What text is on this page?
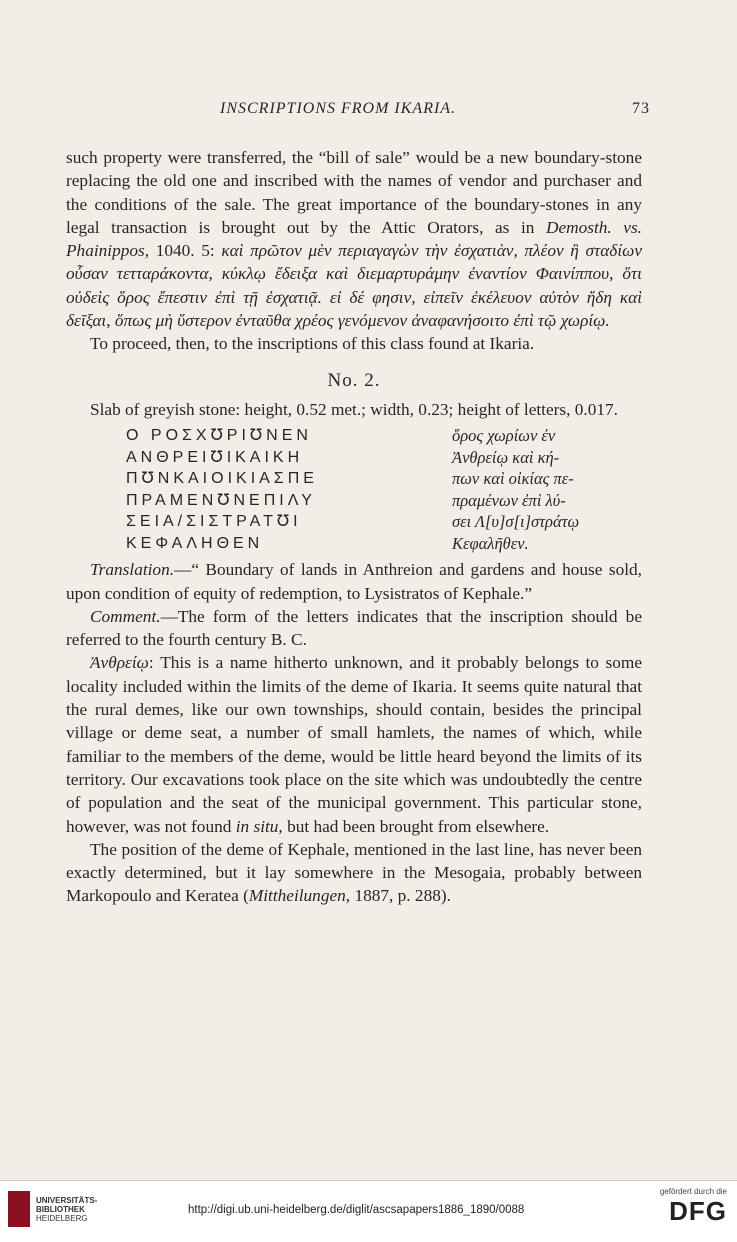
INSCRIPTIONS FROM IKARIA.	73

such property were transferred, the “bill of sale” would be a new boundary-stone replacing the old one and inscribed with the names of vendor and purchaser and the conditions of the sale. The great importance of the boundary-stones in any legal transaction is brought out by the Attic Orators, as in Demosth. vs. Phainippos, 1040. 5: καὶ πρῶτον μὲν περιαγαγὼν τὴν ἐσχατιὰν, πλέον ἢ σταδίων οὖσαν τετταράκοντα, κύκλῳ ἔδειξα καὶ διεμαρτυράμην ἐναντίον Φαινίππου, ὅτι οὐδεὶς ὅρος ἔπεστιν ἐπὶ τῇ ἐσχατιᾷ. εἰ δέ φησιν, εἰπεῖν ἐκέλευον αὐτὸν ἤδη καὶ δεῖξαι, ὅπως μὴ ὕστερον ἐνταῦθα χρέος γενόμενον ἀναφανήσοιτο ἐπὶ τῷ χωρίῳ.

To proceed, then, to the inscriptions of this class found at Ikaria.

No. 2.

Slab of greyish stone: height, 0.52 met.; width, 0.23; height of letters, 0.017.

Ο ΡΟΣΧ℧ΡΙ℧ΝΕΝ
ΑΝΘΡΕΙ℧ΙΚΑΙΚΗ
Π℧ΝΚΑΙΟΙΚΙΑΣΠΕ
ΠΡΑΜΕΝ℧ΝΕΠΙΛΥ
ΣΕΙΑ/ΣΙΣΤΡΑΤ℧Ι
ΚΕΦΑΛΗΘΕΝ
ὅρος χωρίων ἐν
Ἀνθρείῳ καὶ κή-
πων καὶ οἰκίας πε-
πραμένων ἐπὶ λύ-
σει Λ[υ]σ[ι]στράτῳ
Κεφαλῆθεν.

Translation.—“ Boundary of lands in Anthreion and gardens and house sold, upon condition of equity of redemption, to Lysistratos of Kephale.”

Comment.—The form of the letters indicates that the inscription should be referred to the fourth century B. C.

Ἀνθρείῳ: This is a name hitherto unknown, and it probably belongs to some locality included within the limits of the deme of Ikaria. It seems quite natural that the rural demes, like our own townships, should contain, besides the principal village or deme seat, a number of small hamlets, the names of which, while familiar to the members of the deme, would be little heard beyond the limits of its territory. Our excavations took place on the site which was undoubtedly the centre of population and the seat of the municipal government. This particular stone, however, was not found in situ, but had been brought from elsewhere.

The position of the deme of Kephale, mentioned in the last line, has never been exactly determined, but it lay somewhere in the Mesogaia, probably between Markopoulo and Keratea (Mittheilungen, 1887, p. 288).

UNIVERSITÄTS-
BIBLIOTHEK
HEIDELBERG
http://digi.ub.uni-heidelberg.de/diglit/ascsapapers1886_1890/0088
gefördert durch die
DFG
